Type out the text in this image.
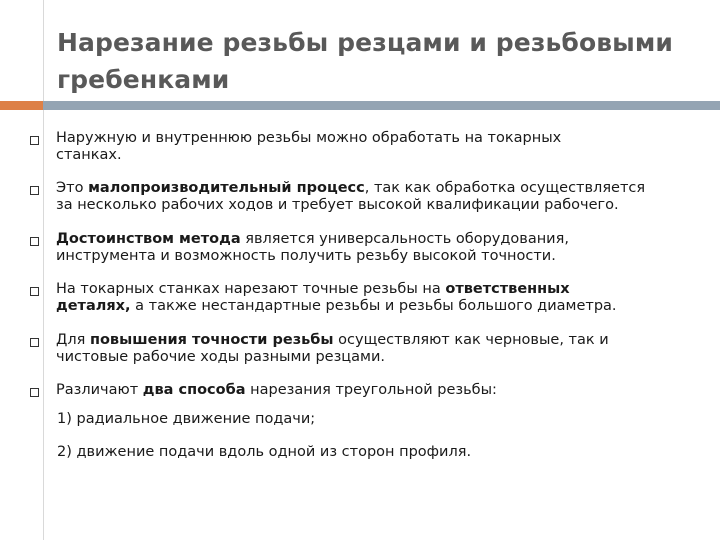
Нарезание резьбы резцами и резьбовыми
гребенками
Наружную и внутреннюю резьбы можно обработать на токарных
станках.
Это малопроизводительный процесс, так как обработка осуществляется
за несколько рабочих ходов и требует высокой квалификации рабочего.
Достоинством метода является универсальность оборудования,
инструмента и возможность получить резьбу высокой точности.
На токарных станках нарезают точные резьбы на ответственных
деталях, а также нестандартные резьбы и резьбы большого диаметра.
Для повышения точности резьбы осуществляют как черновые, так и
чистовые рабочие ходы разными резцами.
Различают два способа нарезания треугольной резьбы:
1) радиальное движение подачи;
2) движение подачи вдоль одной из сторон профиля.
